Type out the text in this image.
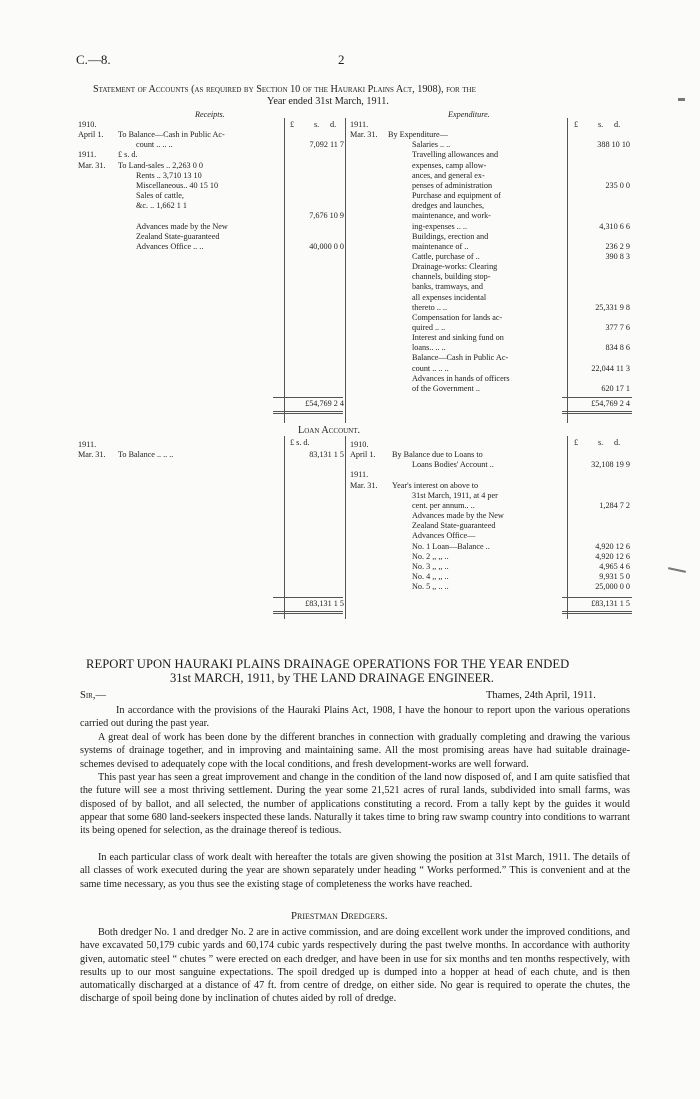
C.—8.	2
Statement of Accounts (as required by Section 10 of the Hauraki Plains Act, 1908), for the
Year ended 31st March, 1911.
Receipts.	Expenditure.
£ s. d.	£ s. d.
1910.
April 1. To Balance—Cash in Public Ac-
count .. .. ..	7,092 11 7
1911.	£ s. d.
Mar. 31. To Land-sales .. 2,263 0 0
Rents .. 3,710 13 10
Miscellaneous.. 40 15 10
Sales of cattle,
&c. .. 1,662 1 1
7,676 10 9
Advances made by the New
Zealand State-guaranteed
Advances Office .. ..	40,000 0 0
1911.
Mar. 31. By Expenditure—
Salaries .. ..	388 10 10
Travelling allowances and
expenses, camp allow-
ances, and general ex-
penses of administration	235 0 0
Purchase and equipment of
dredges and launches,
maintenance, and work-
ing-expenses .. ..	4,310 6 6
Buildings, erection and
maintenance of ..	236 2 9
Cattle, purchase of ..	390 8 3
Drainage-works: Clearing
channels, building stop-
banks, tramways, and
all expenses incidental
thereto .. ..	25,331 9 8
Compensation for lands ac-
quired .. ..	377 7 6
Interest and sinking fund on
loans.. .. ..	834 8 6
Balance—Cash in Public Ac-
count .. .. ..	22,044 11 3
Advances in hands of officers
of the Government ..	620 17 1
£54,769 2 4	£54,769 2 4
Loan Account.
£ s. d.	£ s. d.
1911.
Mar. 31. To Balance .. .. ..	83,131 1 5
1910.
April 1. By Balance due to Loans to
Loans Bodies' Account ..	32,108 19 9
1911.
Mar. 31. Year's interest on above to
31st March, 1911, at 4 per
cent. per annum.. ..	1,284 7 2
Advances made by the New
Zealand State-guaranteed
Advances Office—
No. 1 Loan—Balance ..	4,920 12 6
No. 2 ,, ,, ..	4,920 12 6
No. 3 ,, ,, ..	4,965 4 6
No. 4 ,, ,, ..	9,931 5 0
No. 5 ,, .. ..	25,000 0 0
£83,131 1 5	£83,131 1 5
REPORT UPON HAURAKI PLAINS DRAINAGE OPERATIONS FOR THE YEAR ENDED
31st MARCH, 1911, by THE LAND DRAINAGE ENGINEER.
Sir,—	Thames, 24th April, 1911.
In accordance with the provisions of the Hauraki Plains Act, 1908, I have the honour to report upon the various operations carried out during the past year.
A great deal of work has been done by the different branches in connection with gradually completing and drawing the various systems of drainage together, and in improving and maintaining same. All the most promising areas have had suitable drainage-schemes devised to adequately cope with the local conditions, and fresh development-works are well forward.
This past year has seen a great improvement and change in the condition of the land now disposed of, and I am quite satisfied that the future will see a most thriving settlement. During the year some 21,521 acres of rural lands, subdivided into small farms, was disposed of by ballot, and all selected, the number of applications constituting a record. From a tally kept by the guides it would appear that some 680 land-seekers inspected these lands. Naturally it takes time to bring raw swamp country into conditions to warrant its being opened for selection, as the drainage thereof is tedious.
In each particular class of work dealt with hereafter the totals are given showing the position at 31st March, 1911. The details of all classes of work executed during the year are shown separately under heading “ Works performed.” This is convenient and at the same time necessary, as you thus see the existing stage of completeness the works have reached.
Priestman Dredgers.
Both dredger No. 1 and dredger No. 2 are in active commission, and are doing excellent work under the improved conditions, and have excavated 50,179 cubic yards and 60,174 cubic yards respectively during the past twelve months. In accordance with authority given, automatic steel “ chutes ” were erected on each dredger, and have been in use for six months and ten months respectively, with results up to our most sanguine expectations. The spoil dredged up is dumped into a hopper at head of each chute, and is then automatically discharged at a distance of 47 ft. from centre of dredge, on either side. No gear is required to operate the chutes, the discharge of spoil being done by inclination of chutes aided by roll of dredge.
